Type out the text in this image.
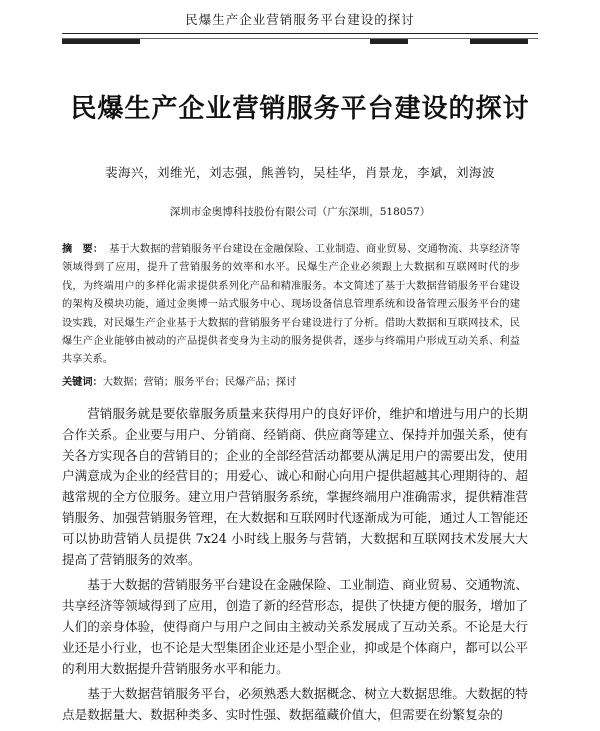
民爆生产企业营销服务平台建设的探讨
民爆生产企业营销服务平台建设的探讨
裴海兴，刘维光，刘志强，熊善钧，吴桂华，肖景龙，李斌，刘海波
深圳市金奥博科技股份有限公司（广东深圳，518057）
摘　要： 基于大数据的营销服务平台建设在金融保险、工业制造、商业贸易、交通物流、共享经济等领域得到了应用，提升了营销服务的效率和水平。民爆生产企业必须跟上大数据和互联网时代的步伐，为终端用户的多样化需求提供系列化产品和精准服务。本文简述了基于大数据营销服务平台建设的架构及模块功能，通过金奥博一站式服务中心、现场设备信息管理系统和设备管理云服务平台的建设实践，对民爆生产企业基于大数据的营销服务平台建设进行了分析。借助大数据和互联网技术，民爆生产企业能够由被动的产品提供者变身为主动的服务提供者，逐步与终端用户形成互动关系、利益共享关系。
关键词：大数据；营销；服务平台；民爆产品；探讨

营销服务就是要依靠服务质量来获得用户的良好评价，维护和增进与用户的长期合作关系。企业要与用户、分销商、经销商、供应商等建立、保持并加强关系，使有关各方实现各自的营销目的；企业的全部经营活动都要从满足用户的需要出发，使用户满意成为企业的经营目的；用爱心、诚心和耐心向用户提供超越其心理期待的、超越常规的全方位服务。建立用户营销服务系统，掌握终端用户准确需求，提供精准营销服务、加强营销服务管理，在大数据和互联网时代逐渐成为可能，通过人工智能还可以协助营销人员提供 7x24 小时线上服务与营销，大数据和互联网技术发展大大提高了营销服务的效率。

基于大数据的营销服务平台建设在金融保险、工业制造、商业贸易、交通物流、共享经济等领域得到了应用，创造了新的经营形态，提供了快捷方便的服务，增加了人们的亲身体验，使得商户与用户之间由主被动关系发展成了互动关系。不论是大行业还是小行业，也不论是大型集团企业还是小型企业，抑或是个体商户，都可以公平的利用大数据提升营销服务水平和能力。

基于大数据营销服务平台，必须熟悉大数据概念、树立大数据思维。大数据的特点是数据量大、数据种类多、实时性强、数据蕴藏价值大，但需要在纷繁复杂的
